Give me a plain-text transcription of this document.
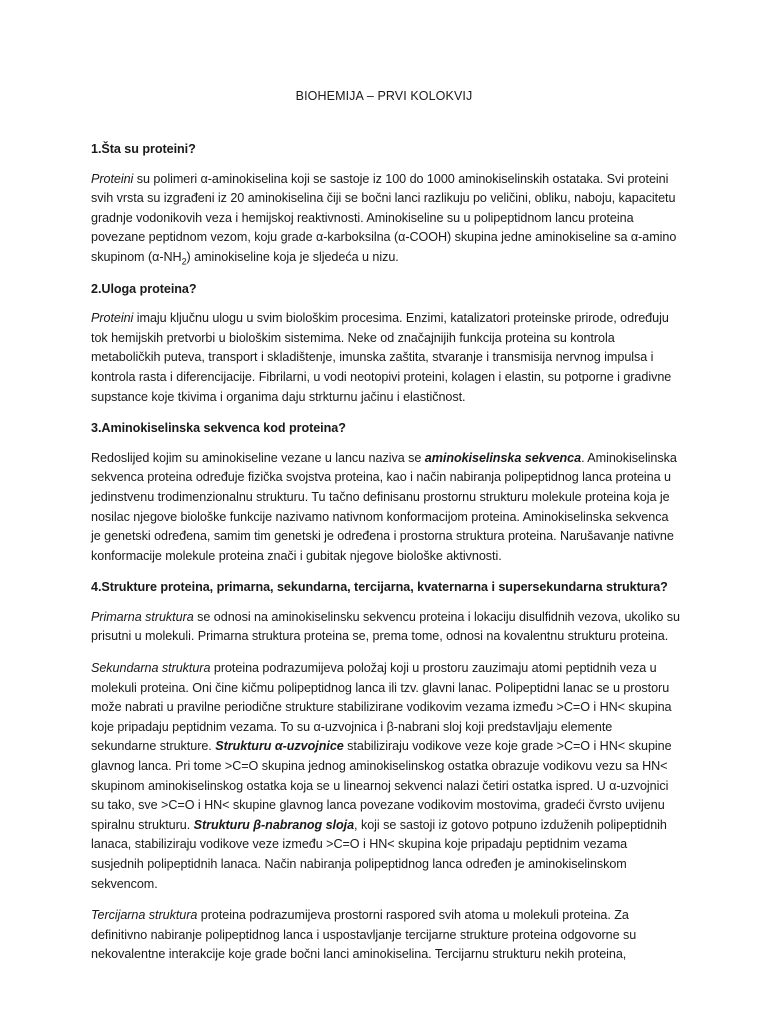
BIOHEMIJA – PRVI KOLOKVIJ
1.Šta su proteini?
Proteini su polimeri α-aminokiselina koji se sastoje iz 100 do 1000 aminokiselinskih ostataka. Svi proteini svih vrsta su izgrađeni iz 20 aminokiselina čiji se bočni lanci razlikuju po veličini, obliku, naboju, kapacitetu gradnje vodonikovih veza i hemijskoj reaktivnosti. Aminokiseline su u polipeptidnom lancu proteina povezane peptidnom vezom, koju grade α-karboksilna (α-COOH) skupina jedne aminokiseline sa α-amino skupinom $(\alpha-NH_2)$ aminokiseline koja je sljedeća u nizu.
2.Uloga proteina?
Proteini imaju ključnu ulogu u svim biološkim procesima. Enzimi, katalizatori proteinske prirode, određuju tok hemijskih pretvorbi u biološkim sistemima. Neke od značajnijih funkcija proteina su kontrola metaboličkih puteva, transport i skladištenje, imunska zaštita, stvaranje i transmisija nervnog impulsa i kontrola rasta i diferencijacije. Fibrilarni, u vodi neotopivi proteini, kolagen i elastin, su potporne i gradivne supstance koje tkivima i organima daju strkturnu jačinu i elastičnost.
3.Aminokiselinska sekvenca kod proteina?
Redoslijed kojim su aminokiseline vezane u lancu naziva se aminokiselinska sekvenca. Aminokiselinska sekvenca proteina određuje fizička svojstva proteina, kao i način nabiranja polipeptidnog lanca proteina u jedinstvenu trodimenzionalnu strukturu. Tu tačno definisanu prostornu strukturu molekule proteina koja je nosilac njegove biološke funkcije nazivamo nativnom konformacijom proteina. Aminokiselinska sekvenca je genetski određena, samim tim genetski je određena i prostorna struktura proteina. Narušavanje nativne konformacije molekule proteina znači i gubitak njegove biološke aktivnosti.
4.Strukture proteina, primarna, sekundarna, tercijarna, kvaternarna i supersekundarna struktura?
Primarna struktura se odnosi na aminokiselinsku sekvencu proteina i lokaciju disulfidnih vezova, ukoliko su prisutni u molekuli. Primarna struktura proteina se, prema tome, odnosi na kovalentnu strukturu proteina.
Sekundarna struktura proteina podrazumijeva položaj koji u prostoru zauzimaju atomi peptidnih veza u molekuli proteina. Oni čine kičmu polipeptidnog lanca ili tzv. glavni lanac. Polipeptidni lanac se u prostoru može nabrati u pravilne periodične strukture stabilizirane vodikovim vezama između >C=O i HN< skupina koje pripadaju peptidnim vezama. To su α-uzvojnica i β-nabrani sloj koji predstavljaju elemente sekundarne strukture. Strukturu α-uzvojnice stabiliziraju vodikove veze koje grade >C=O i HN< skupine glavnog lanca. Pri tome >C=O skupina jednog aminokiselinskog ostatka obrazuje vodikovu vezu sa HN< skupinom aminokiselinskog ostatka koja se u linearnoj sekvenci nalazi četiri ostatka ispred. U α-uzvojnici su tako, sve >C=O i HN< skupine glavnog lanca povezane vodikovim mostovima, gradeći čvrsto uvijenu spiralnu strukturu. Strukturu β-nabranog sloja, koji se sastoji iz gotovo potpuno izduženih polipeptidnih lanaca, stabiliziraju vodikove veze između >C=O i HN< skupina koje pripadaju peptidnim vezama susjednih polipeptidnih lanaca. Način nabiranja polipeptidnog lanca određen je aminokiselinskom sekvencom.
Tercijarna struktura proteina podrazumijeva prostorni raspored svih atoma u molekuli proteina. Za definitivno nabiranje polipeptidnog lanca i uspostavljanje tercijarne strukture proteina odgovorne su nekovalentne interakcije koje grade bočni lanci aminokiselina. Tercijarnu strukturu nekih proteina,
